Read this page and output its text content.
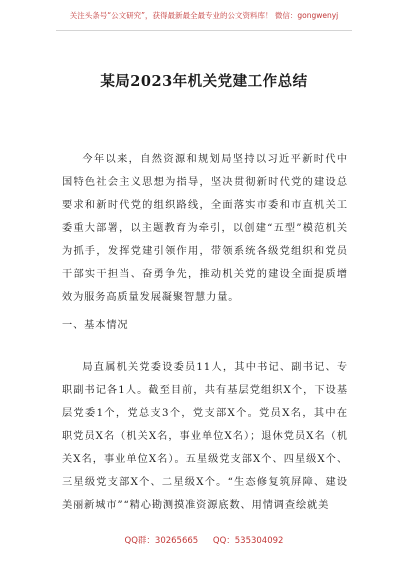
关注头条号“公文研究”，获得最新最全最专业的公文资料库！ 微信：gongwenyj
某局2023年机关党建工作总结

今年以来，自然资源和规划局坚持以习近平新时代中国特色社会主义思想为指导，坚决贯彻新时代党的建设总要求和新时代党的组织路线，全面落实市委和市直机关工委重大部署，以主题教育为牵引，以创建“五型”模范机关为抓手，发挥党建引领作用，带领系统各级党组织和党员干部实干担当、奋勇争先，推动机关党的建设全面提质增效为服务高质量发展凝聚智慧力量。

一、基本情况

局直属机关党委设委员11人，其中书记、副书记、专职副书记各1人。截至目前，共有基层党组织X个，下设基层党委1个，党总支3个，党支部X个。党员X名，其中在职党员X名（机关X名，事业单位X名）；退休党员X名（机关X名，事业单位X名）。五星级党支部X个、四星级X个、三星级党支部X个、二星级X个。“生态修复筑屏障、建设美丽新城市”“精心勘测摸准资源底数、用情调查绘就美

QQ群：30265665 QQ：535304092
